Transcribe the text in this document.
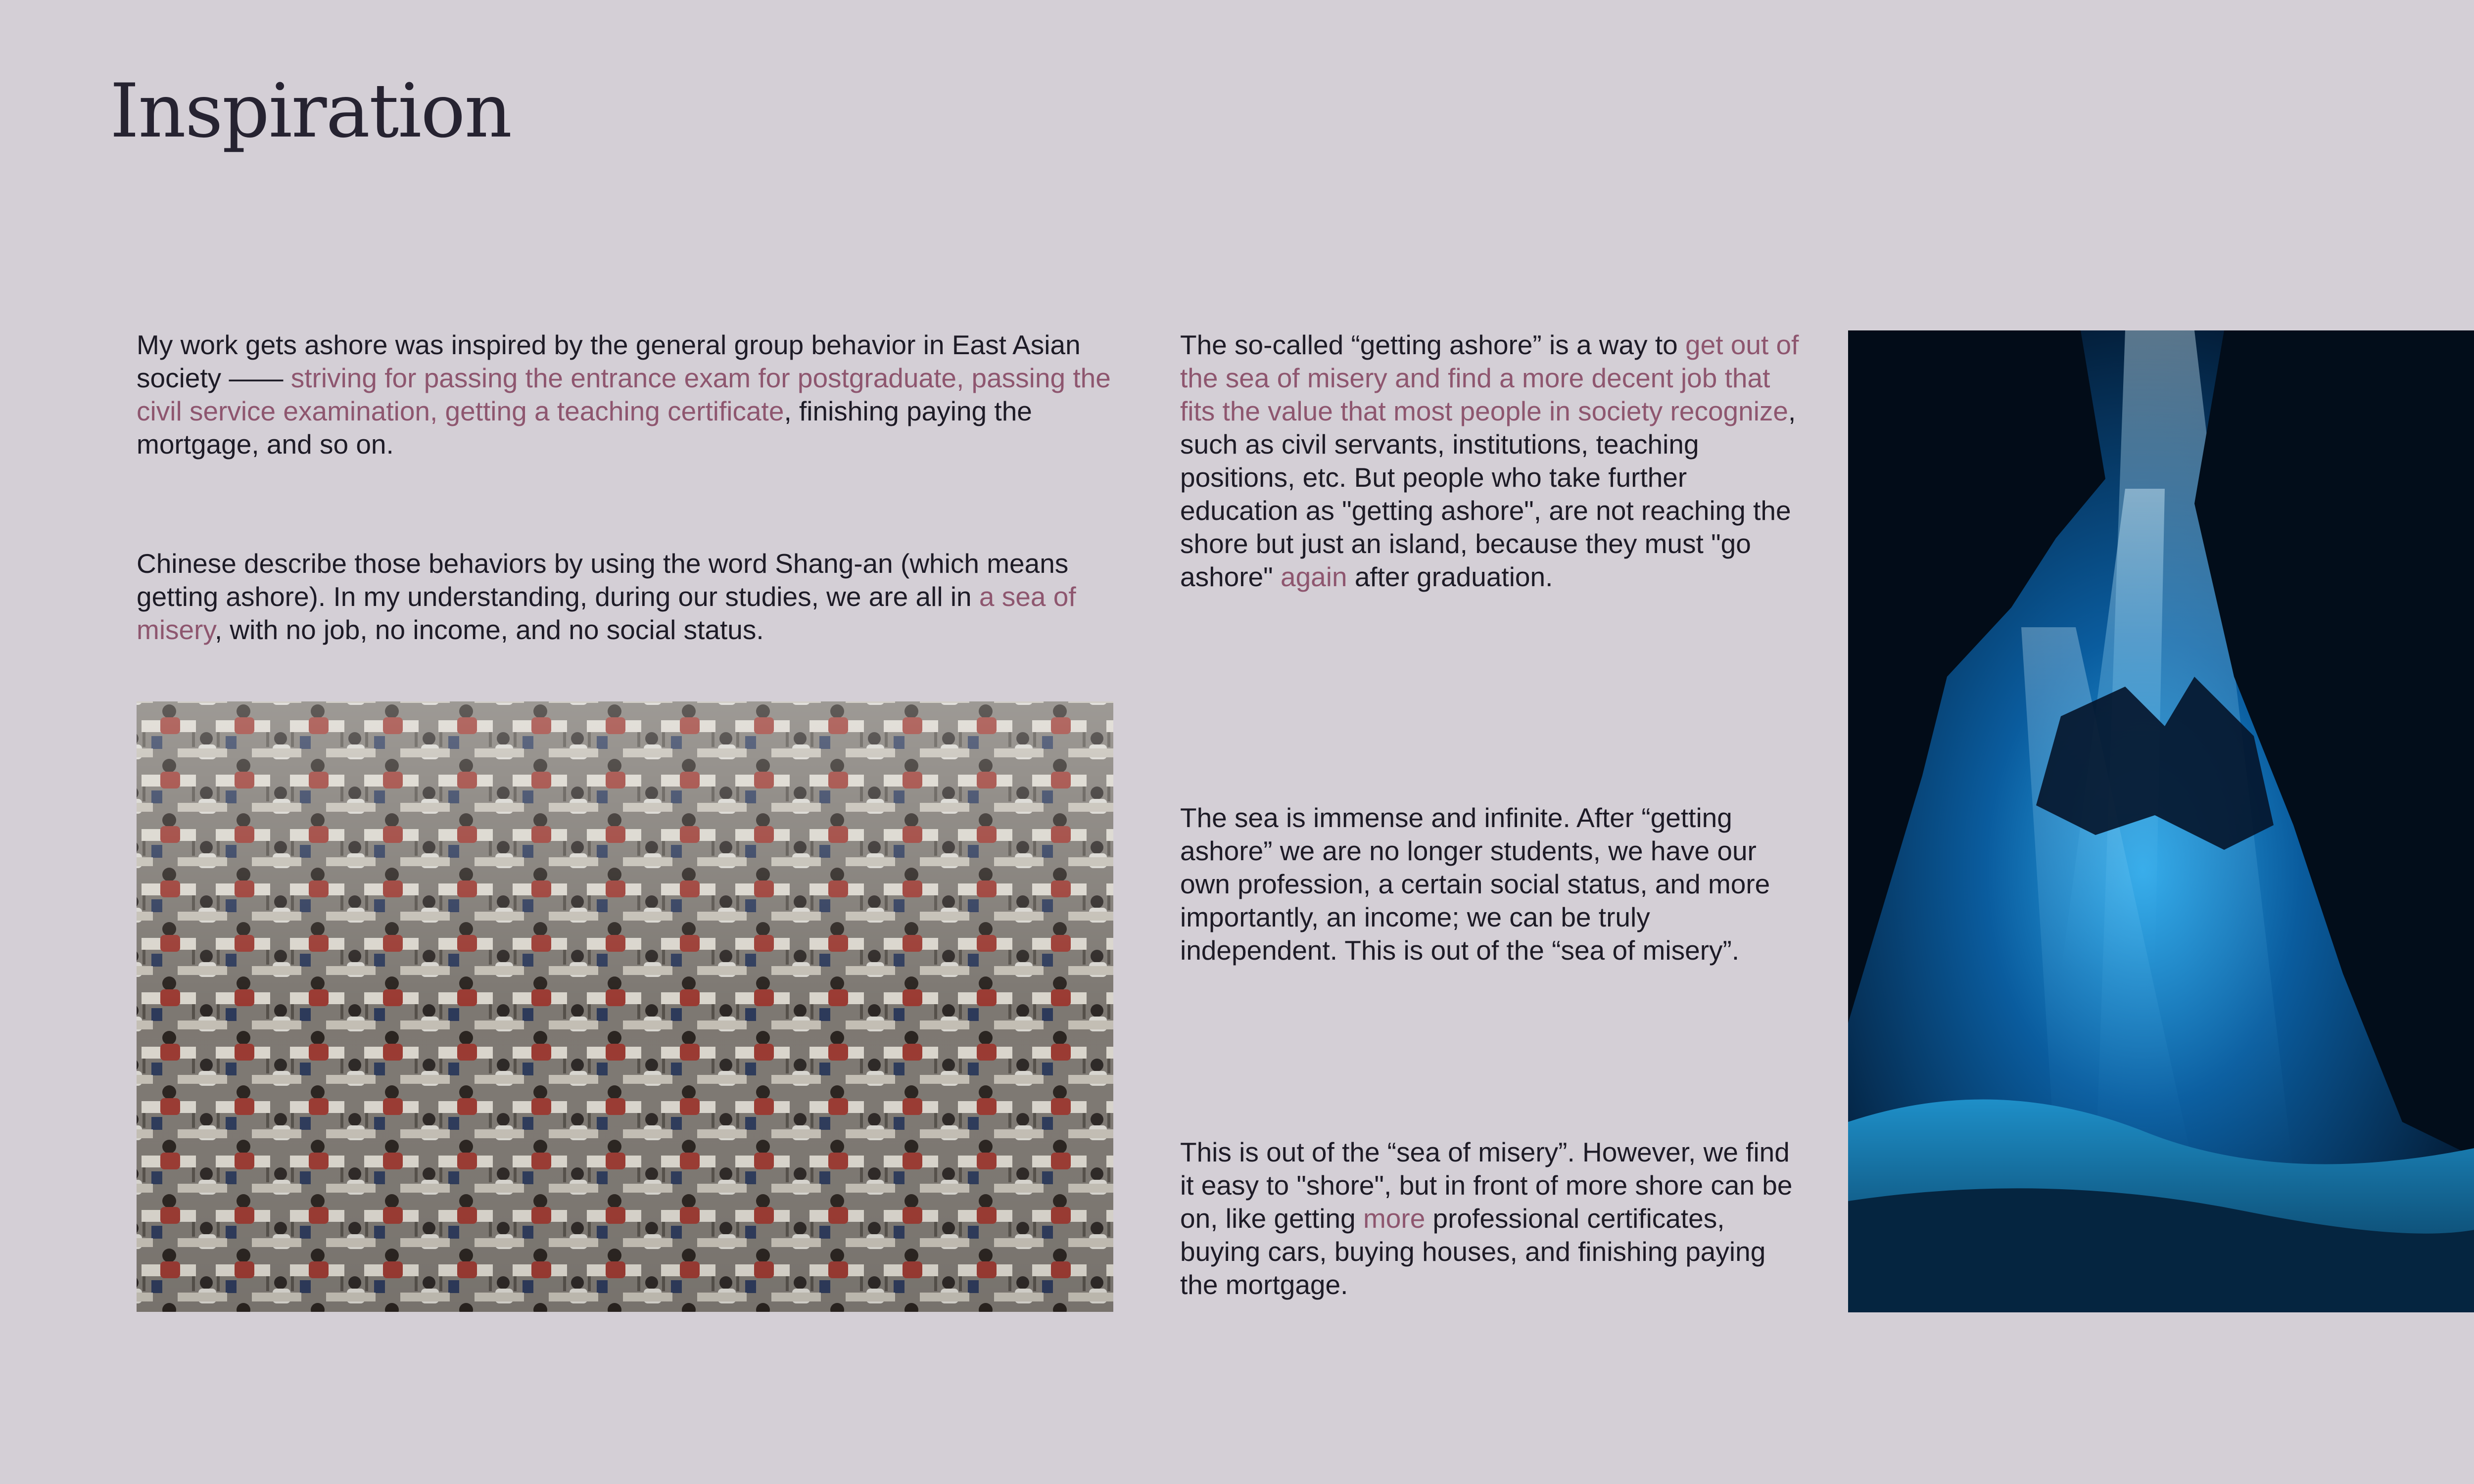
Inspiration

My work gets ashore was inspired by the general group behavior in East Asian society —— striving for passing the entrance exam for postgraduate, passing the civil service examination, getting a teaching certificate, finishing paying the mortgage, and so on.

Chinese describe those behaviors by using the word Shang-an (which means getting ashore). In my understanding, during our studies, we are all in a sea of misery, with no job, no income, and no social status.

The so-called “getting ashore” is a way to get out of the sea of misery and find a more decent job that fits the value that most people in society recognize, such as civil servants, institutions, teaching positions, etc. But people who take further education as "getting ashore", are not reaching the shore but just an island, because they must "go ashore" again after graduation.

The sea is immense and infinite. After “getting ashore” we are no longer students, we have our own profession, a certain social status, and more importantly, an income; we can be truly independent. This is out of the “sea of misery”.

This is out of the “sea of misery”. However, we find it easy to "shore", but in front of more shore can be on, like getting more professional certificates, buying cars, buying houses, and finishing paying the mortgage.
